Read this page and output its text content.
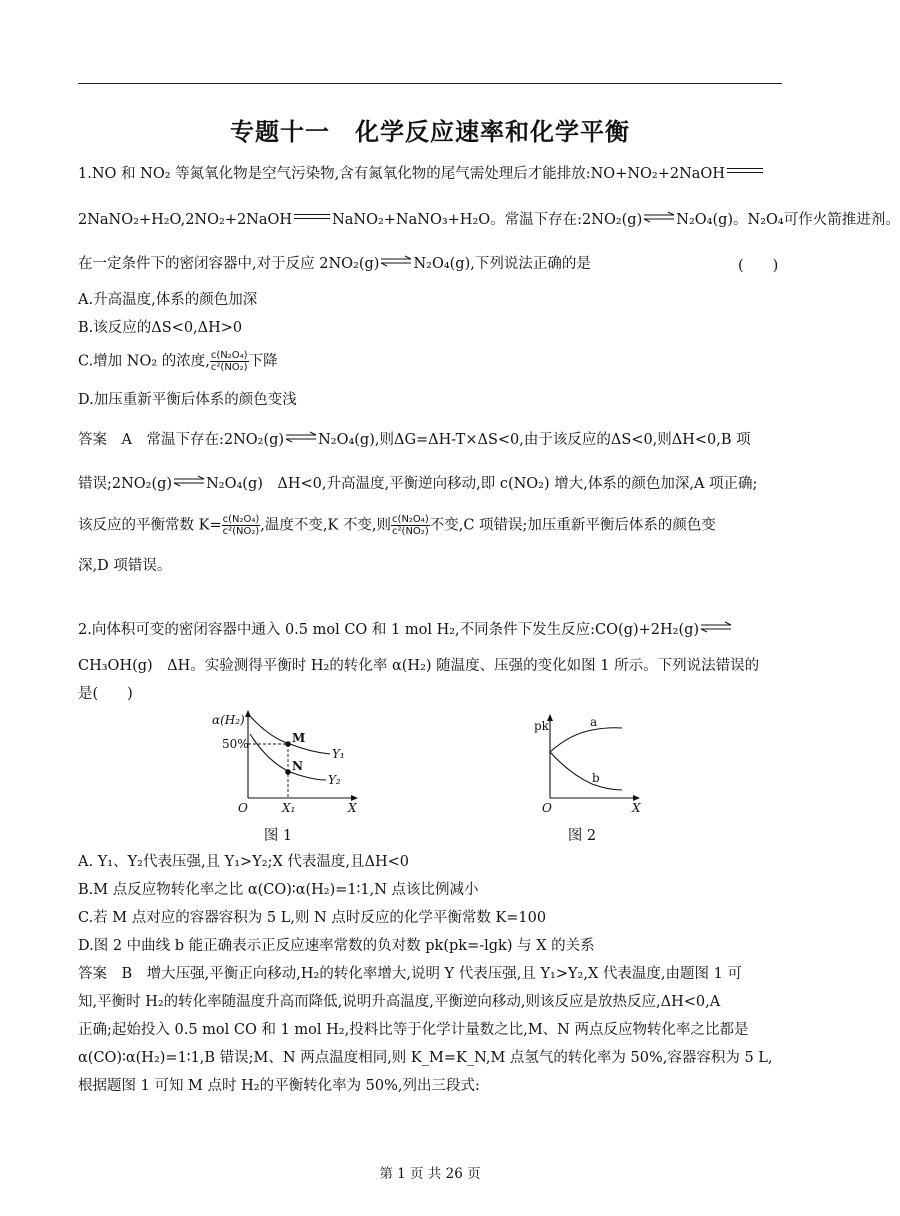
专题十一　化学反应速率和化学平衡
1.NO 和 NO₂ 等氮氧化物是空气污染物,含有氮氧化物的尾气需处理后才能排放:NO+NO₂+2NaOH
2NaNO₂+H₂O,2NO₂+2NaOH	NaNO₂+NaNO₃+H₂O。常温下存在:2NO₂(g) ⇌ N₂O₄(g)。N₂O₄可作火箭推进剂。
在一定条件下的密闭容器中,对于反应 2NO₂(g) ⇌ N₂O₄(g),下列说法正确的是	(　　)
A.升高温度,体系的颜色加深
B.该反应的ΔS<0,ΔH>0
C.增加 NO₂ 的浓度, $\frac{\text{c(N₂O₄)}}{\text{c²(NO₂)}}$ 下降
D.加压重新平衡后体系的颜色变浅
答案　A　常温下存在:2NO₂(g) ⇌ N₂O₄(g),则ΔG=ΔH-T×ΔS<0,由于该反应的ΔS<0,则ΔH<0,B 项
错误;2NO₂(g) ⇌ N₂O₄(g)　ΔH<0,升高温度,平衡逆向移动,即 c(NO₂) 增大,体系的颜色加深,A 项正确;
该反应的平衡常数 $K= \frac{\text{c(N₂O₄)}}{\text{c²(NO₂)}}$ ,温度不变,K 不变,则 $\frac{\text{c(N₂O₄)}}{\text{c²(NO₂)}}$ 不变,C 项错误;加压重新平衡后体系的颜色变
深,D 项错误。
2.向体积可变的密闭容器中通入 0.5 mol CO 和 1 mol H₂,不同条件下发生反应:CO(g)+2H₂(g) ⇌
CH₃OH(g)　ΔH。实验测得平衡时 H₂的转化率 α(H₂) 随温度、压强的变化如图 1 所示。下列说法错误的
是(　　)
α(H₂)
50%	M
N
Y₁
Y₂
O	X₁	X
图 1
pk	a
b
O	X
图 2
A. Y₁、Y₂代表压强,且 Y₁>Y₂;X 代表温度,且ΔH<0
B.M 点反应物转化率之比 α(CO)∶α(H₂)=1∶1,N 点该比例减小
C.若 M 点对应的容器容积为 5 L,则 N 点时反应的化学平衡常数 K=100
D.图 2 中曲线 b 能正确表示正反应速率常数的负对数 pk(pk=-lgk) 与 X 的关系
答案　B　增大压强,平衡正向移动,H₂的转化率增大,说明 Y 代表压强,且 Y₁>Y₂,X 代表温度,由题图 1 可
知,平衡时 H₂的转化率随温度升高而降低,说明升高温度,平衡逆向移动,则该反应是放热反应,ΔH<0,A
正确;起始投入 0.5 mol CO 和 1 mol H₂,投料比等于化学计量数之比,M、N 两点反应物转化率之比都是
α(CO)∶α(H₂)=1∶1,B 错误;M、N 两点温度相同,则 K_M=K_N,M 点氢气的转化率为 50%,容器容积为 5 L,
根据题图 1 可知 M 点时 H₂的平衡转化率为 50%,列出三段式:
第 1 页 共 26 页
